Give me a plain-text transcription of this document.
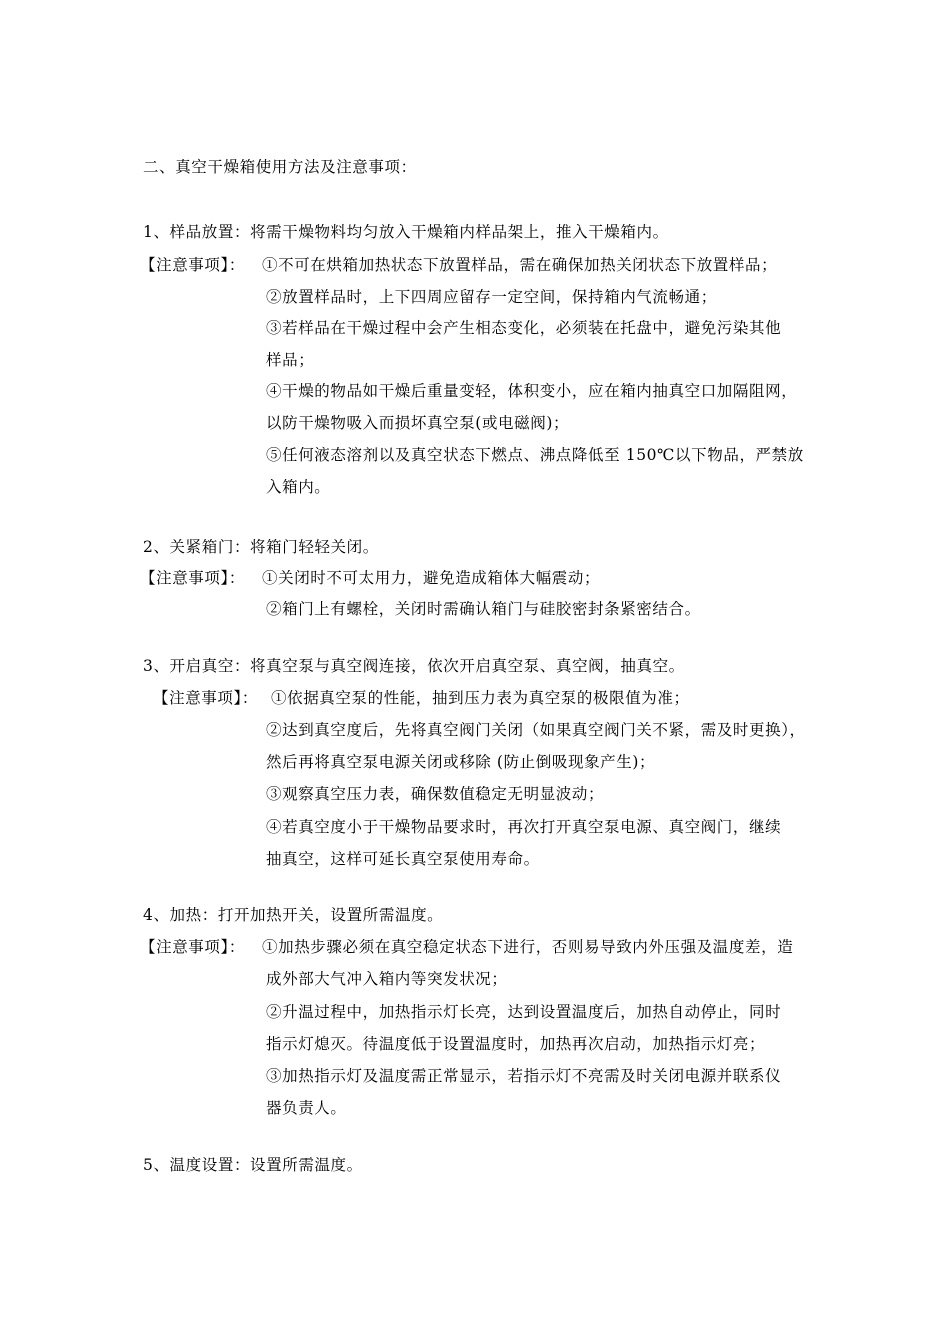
二、真空干燥箱使用方法及注意事项：
1、样品放置：将需干燥物料均匀放入干燥箱内样品架上，推入干燥箱内。
【注意事项】： ①不可在烘箱加热状态下放置样品，需在确保加热关闭状态下放置样品；
②放置样品时，上下四周应留存一定空间，保持箱内气流畅通；
③若样品在干燥过程中会产生相态变化，必须装在托盘中，避免污染其他
样品；
④干燥的物品如干燥后重量变轻，体积变小，应在箱内抽真空口加隔阻网，
以防干燥物吸入而损坏真空泵(或电磁阀)；
⑤任何液态溶剂以及真空状态下燃点、沸点降低至 150℃以下物品，严禁放
入箱内。
2、关紧箱门：将箱门轻轻关闭。
【注意事项】： ①关闭时不可太用力，避免造成箱体大幅震动；
②箱门上有螺栓，关闭时需确认箱门与硅胶密封条紧密结合。
3、开启真空：将真空泵与真空阀连接，依次开启真空泵、真空阀，抽真空。
【注意事项】： ①依据真空泵的性能，抽到压力表为真空泵的极限值为准；
②达到真空度后，先将真空阀门关闭（如果真空阀门关不紧，需及时更换），
然后再将真空泵电源关闭或移除 (防止倒吸现象产生)；
③观察真空压力表，确保数值稳定无明显波动；
④若真空度小于干燥物品要求时，再次打开真空泵电源、真空阀门，继续
抽真空，这样可延长真空泵使用寿命。
4、加热：打开加热开关，设置所需温度。
【注意事项】： ①加热步骤必须在真空稳定状态下进行，否则易导致内外压强及温度差，造
成外部大气冲入箱内等突发状况；
②升温过程中，加热指示灯长亮，达到设置温度后，加热自动停止，同时
指示灯熄灭。待温度低于设置温度时，加热再次启动，加热指示灯亮；
③加热指示灯及温度需正常显示，若指示灯不亮需及时关闭电源并联系仪
器负责人。
5、温度设置：设置所需温度。
